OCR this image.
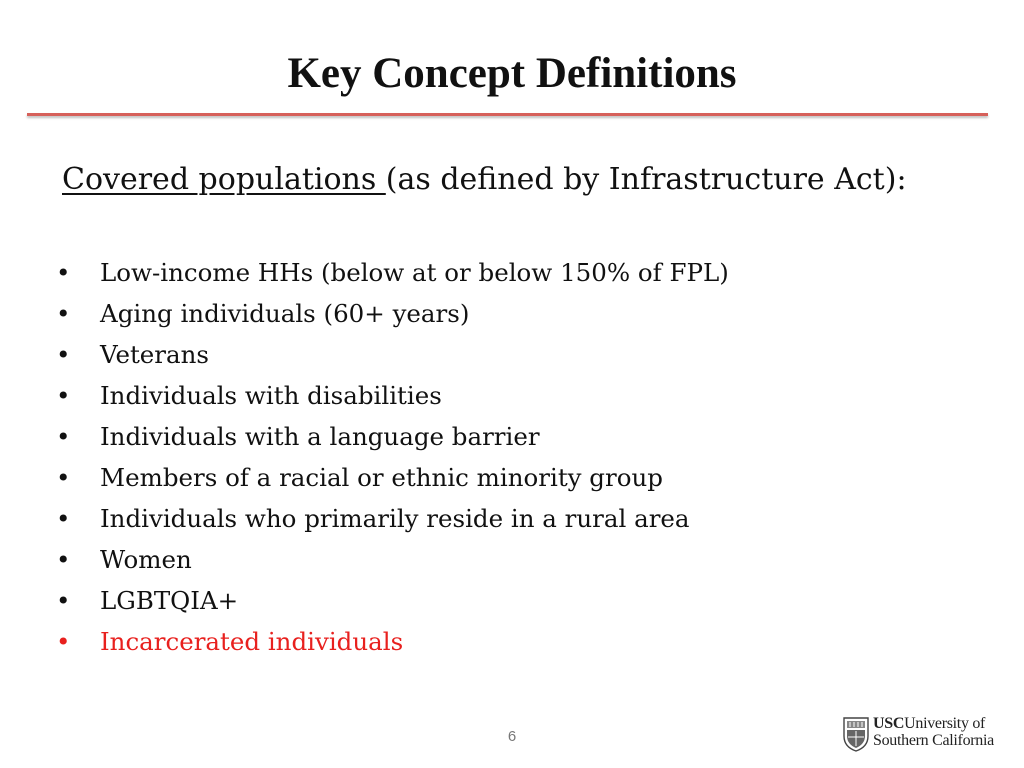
Key Concept Definitions
Covered populations (as defined by Infrastructure Act):
• Low-income HHs (below at or below 150% of FPL)
• Aging individuals (60+ years)
• Veterans
• Individuals with disabilities
• Individuals with a language barrier
• Members of a racial or ethnic minority group
• Individuals who primarily reside in a rural area
• Women
• LGBTQIA+
• Incarcerated individuals
6
USCUniversity of
Southern California
